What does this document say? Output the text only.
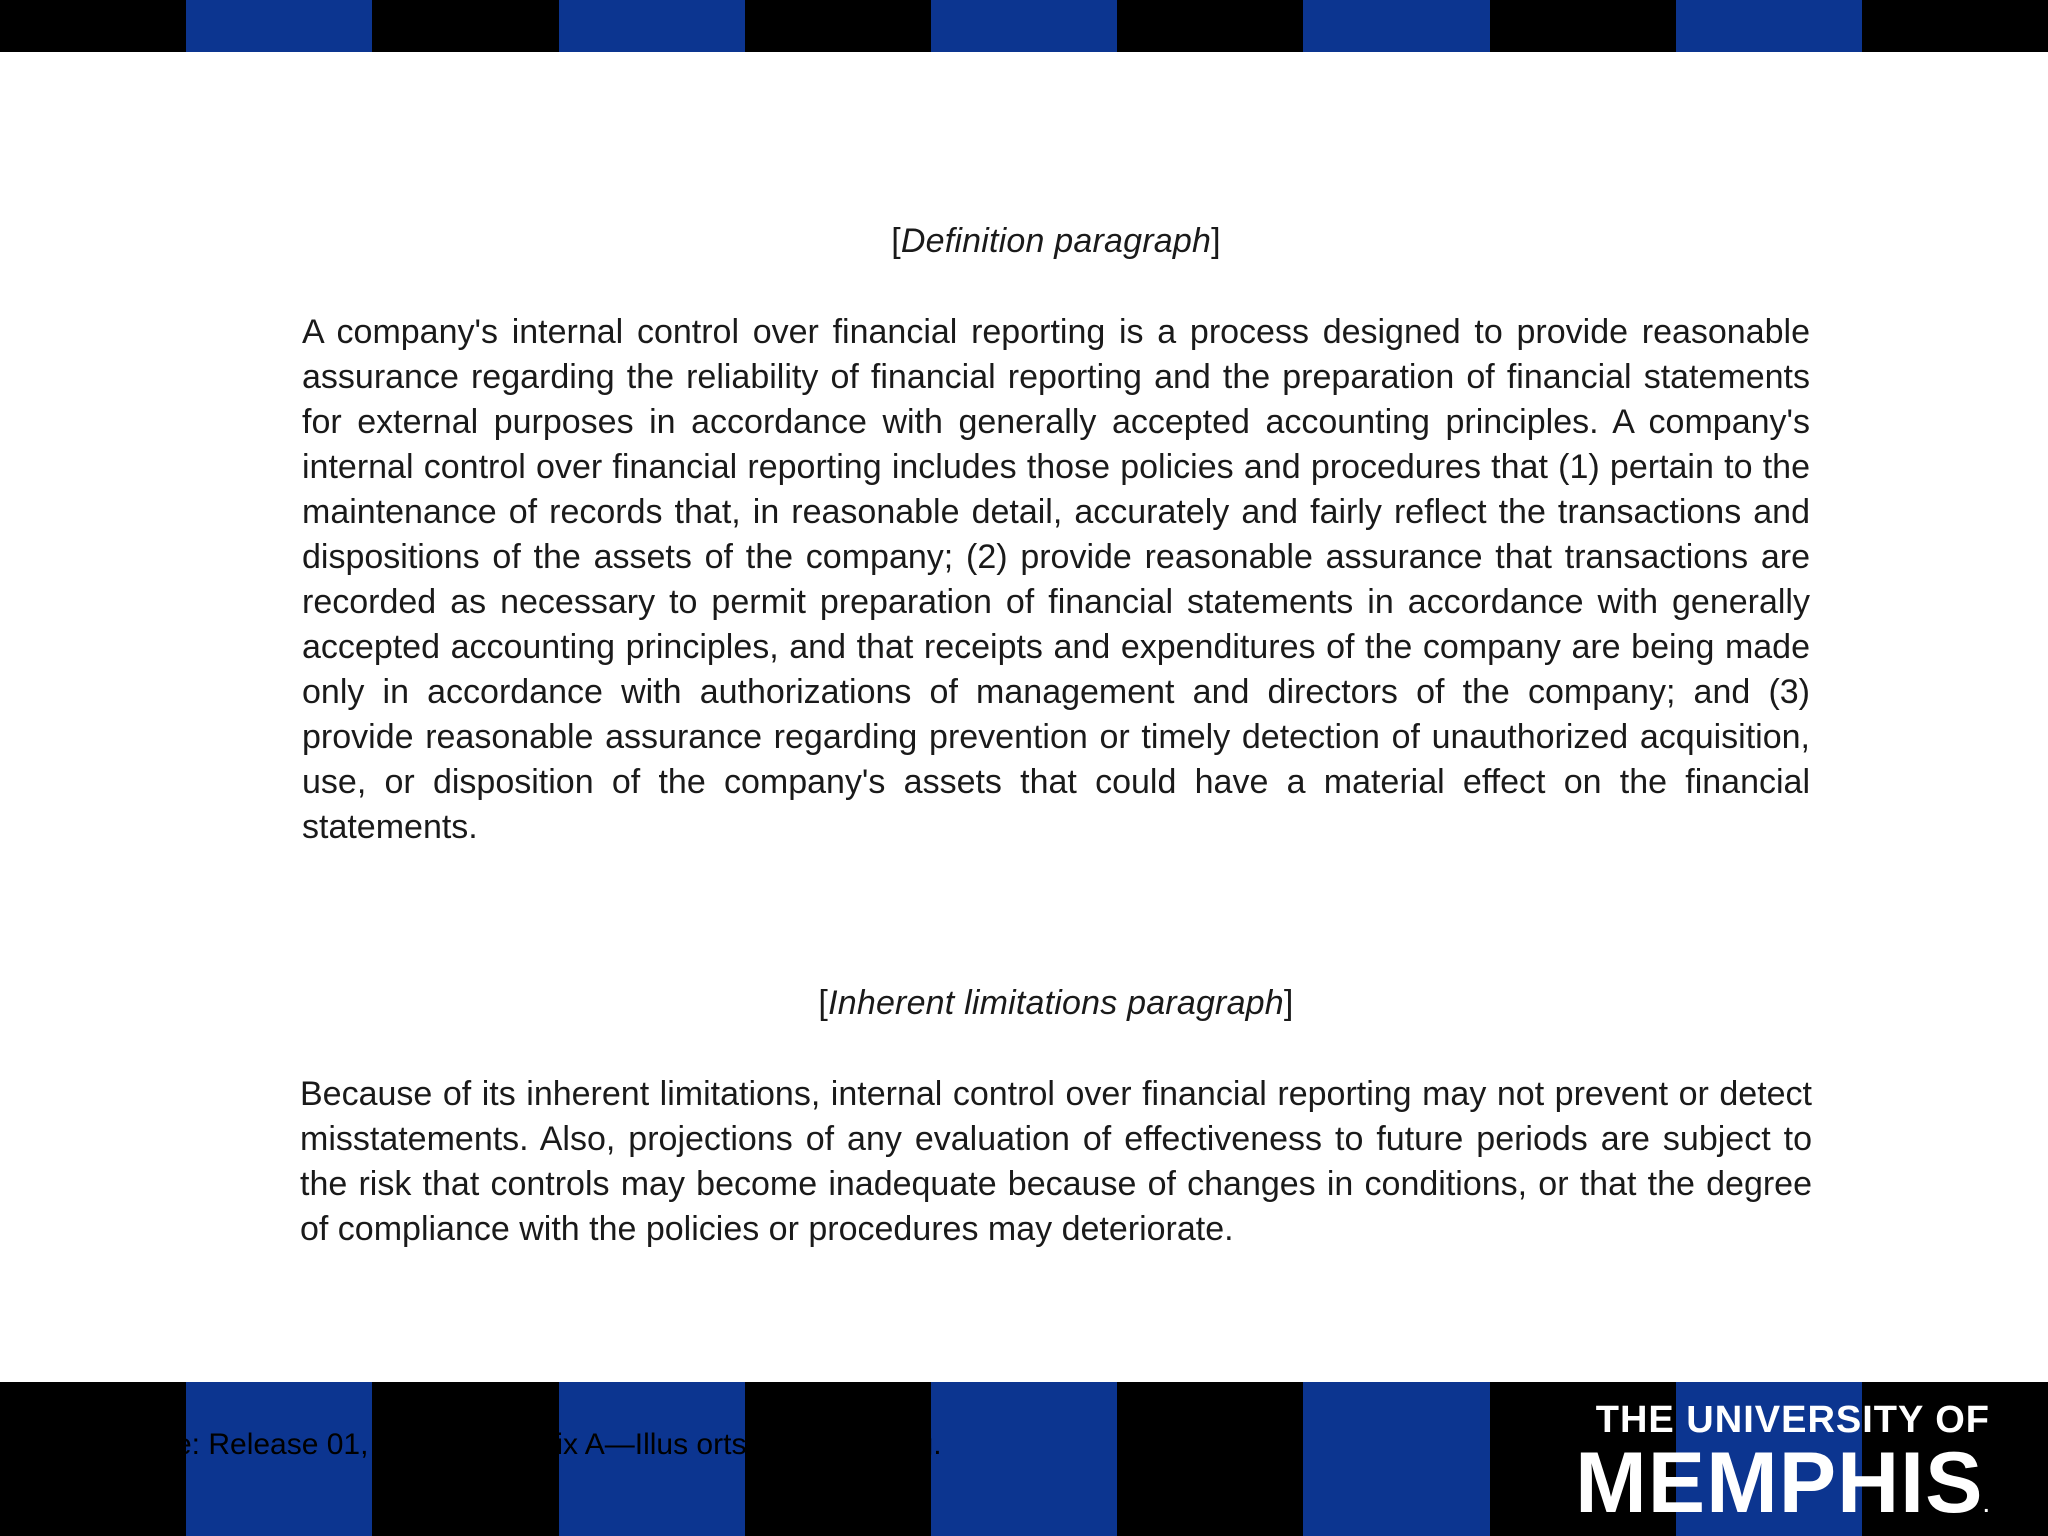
[Definition paragraph]

A company's internal control over financial reporting is a process designed to provide reasonable assurance regarding the reliability of financial reporting and the preparation of financial statements for external purposes in accordance with generally accepted accounting principles. A company's internal control over financial reporting includes those policies and procedures that (1) pertain to the maintenance of records that, in reasonable detail, accurately and fairly reflect the transactions and dispositions of the assets of the company; (2) provide reasonable assurance that transactions are recorded as necessary to permit preparation of financial statements in accordance with generally accepted accounting principles, and that receipts and expenditures of the company are being made only in accordance with authorizations of management and directors of the company; and (3) provide reasonable assurance regarding prevention or timely detection of unauthorized acquisition, use, or disposition of the company's assets that could have a material effect on the financial statements.

[Inherent limitations paragraph]

Because of its inherent limitations, internal control over financial reporting may not prevent or detect misstatements. Also, projections of any evaluation of effectiveness to future periods are subject to the risk that controls may become inadequate because of changes in conditions, or that the degree of compliance with the policies or procedures may deteriorate.

rce: Release 01, pages 11 endix A—Illus orts, available org.
THE UNIVERSITY OF
MEMPHIS.
